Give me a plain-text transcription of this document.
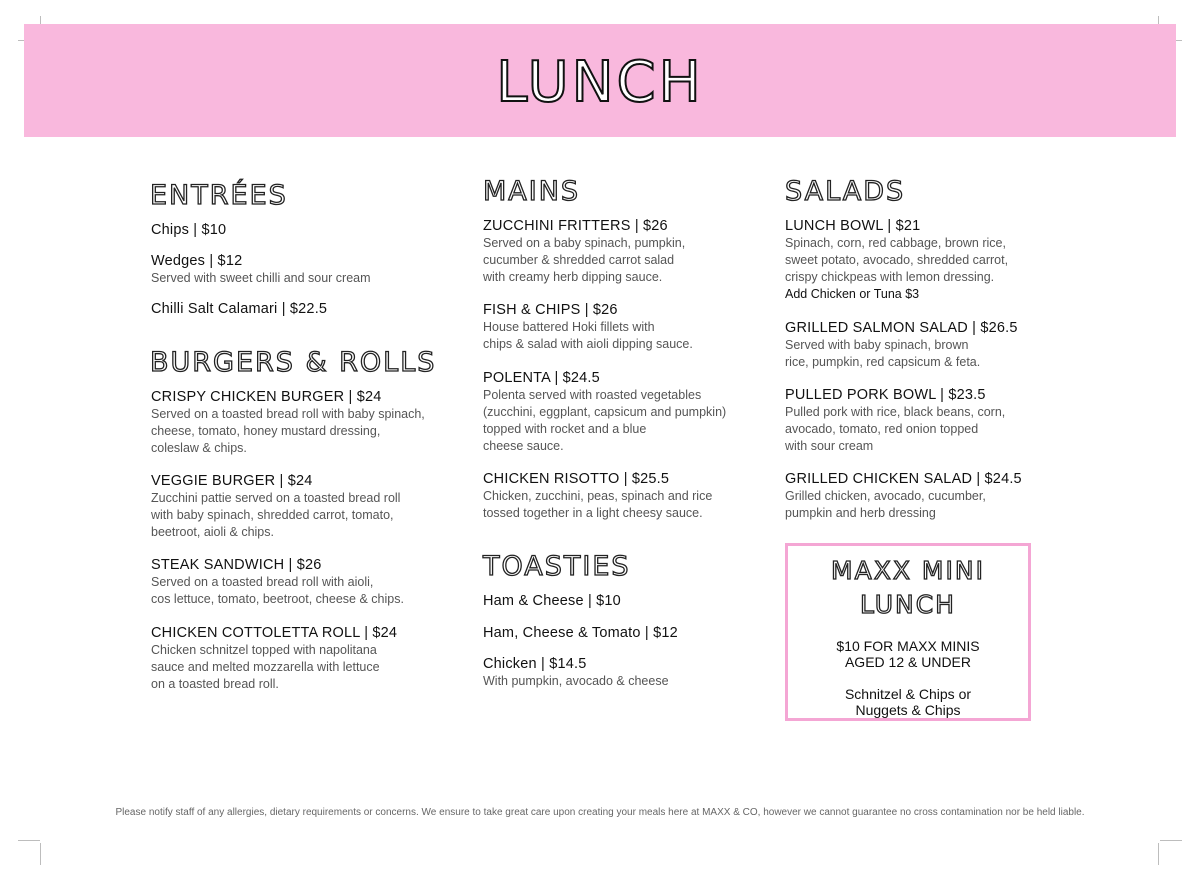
LUNCH
ENTRÉES
Chips | $10
Wedges | $12
Served with sweet chilli and sour cream
Chilli Salt Calamari | $22.5
BURGERS & ROLLS
CRISPY CHICKEN BURGER | $24
Served on a toasted bread roll with baby spinach,
cheese, tomato, honey mustard dressing,
coleslaw & chips.
VEGGIE BURGER | $24
Zucchini pattie served on a toasted bread roll
with baby spinach, shredded carrot, tomato,
beetroot, aioli & chips.
STEAK SANDWICH | $26
Served on a toasted bread roll with aioli,
cos lettuce, tomato, beetroot, cheese & chips.
CHICKEN COTTOLETTA ROLL | $24
Chicken schnitzel topped with napolitana
sauce and melted mozzarella with lettuce
on a toasted bread roll.
MAINS
ZUCCHINI FRITTERS | $26
Served on a baby spinach, pumpkin,
cucumber & shredded carrot salad
with creamy herb dipping sauce.
FISH & CHIPS | $26
House battered Hoki fillets with
chips & salad with aioli dipping sauce.
POLENTA | $24.5
Polenta served with roasted vegetables
(zucchini, eggplant, capsicum and pumpkin)
topped with rocket and a blue
cheese sauce.
CHICKEN RISOTTO | $25.5
Chicken, zucchini, peas, spinach and rice
tossed together in a light cheesy sauce.
TOASTIES
Ham & Cheese | $10
Ham, Cheese & Tomato | $12
Chicken | $14.5
With pumpkin, avocado & cheese
SALADS
LUNCH BOWL | $21
Spinach, corn, red cabbage, brown rice,
sweet potato, avocado, shredded carrot,
crispy chickpeas with lemon dressing.
Add Chicken or Tuna $3
GRILLED SALMON SALAD | $26.5
Served with baby spinach, brown
rice, pumpkin, red capsicum & feta.
PULLED PORK BOWL | $23.5
Pulled pork with rice, black beans, corn,
avocado, tomato, red onion topped
with sour cream
GRILLED CHICKEN SALAD | $24.5
Grilled chicken, avocado, cucumber,
pumpkin and herb dressing
MAXX MINI
LUNCH
$10 FOR MAXX MINIS
AGED 12 & UNDER
Schnitzel & Chips or
Nuggets & Chips
Please notify staff of any allergies, dietary requirements or concerns. We ensure to take great care upon creating your meals here at MAXX & CO, however we cannot guarantee no cross contamination nor be held liable.
